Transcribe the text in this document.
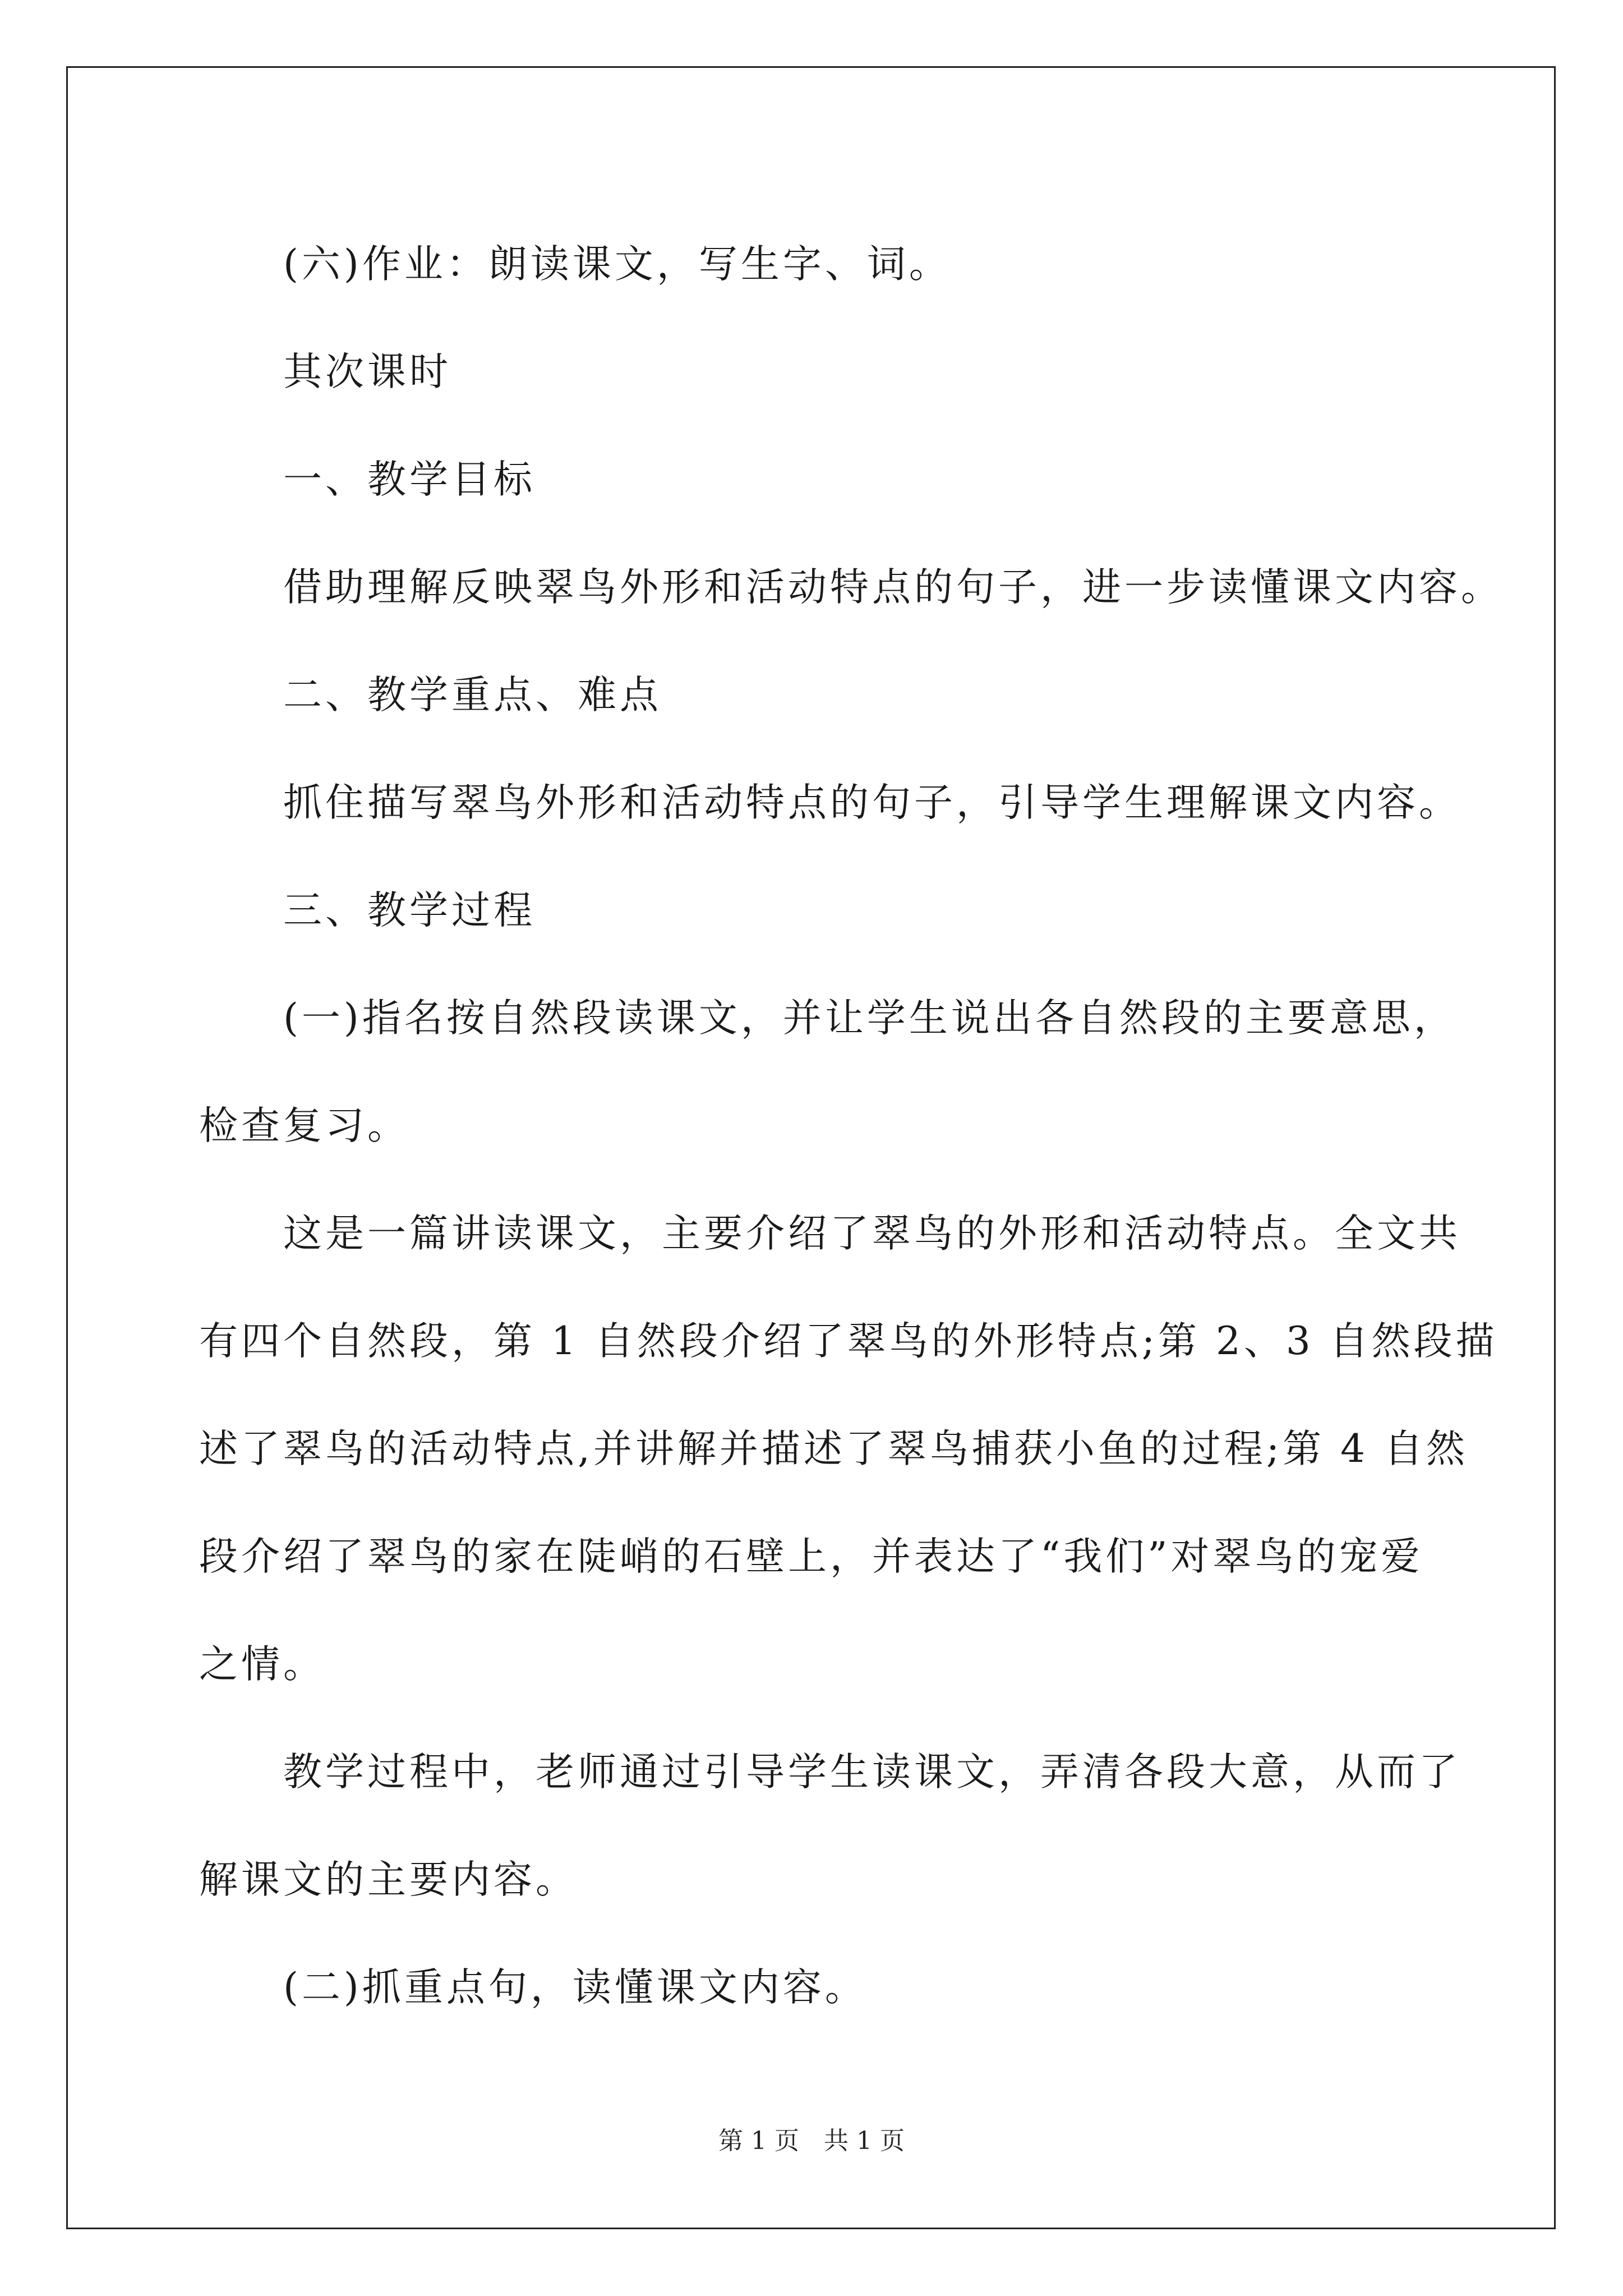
(六)作业：朗读课文，写生字、词。

其次课时

一、教学目标

借助理解反映翠鸟外形和活动特点的句子，进一步读懂课文内容。

二、教学重点、难点

抓住描写翠鸟外形和活动特点的句子，引导学生理解课文内容。

三、教学过程

(一)指名按自然段读课文，并让学生说出各自然段的主要意思，

检查复习。

这是一篇讲读课文，主要介绍了翠鸟的外形和活动特点。全文共

有四个自然段，第 1 自然段介绍了翠鸟的外形特点;第 2、3 自然段描

述了翠鸟的活动特点,并讲解并描述了翠鸟捕获小鱼的过程;第 4 自然

段介绍了翠鸟的家在陡峭的石壁上，并表达了“我们”对翠鸟的宠爱

之情。

教学过程中，老师通过引导学生读课文，弄清各段大意，从而了

解课文的主要内容。

(二)抓重点句，读懂课文内容。

第 1 页　共 1 页
